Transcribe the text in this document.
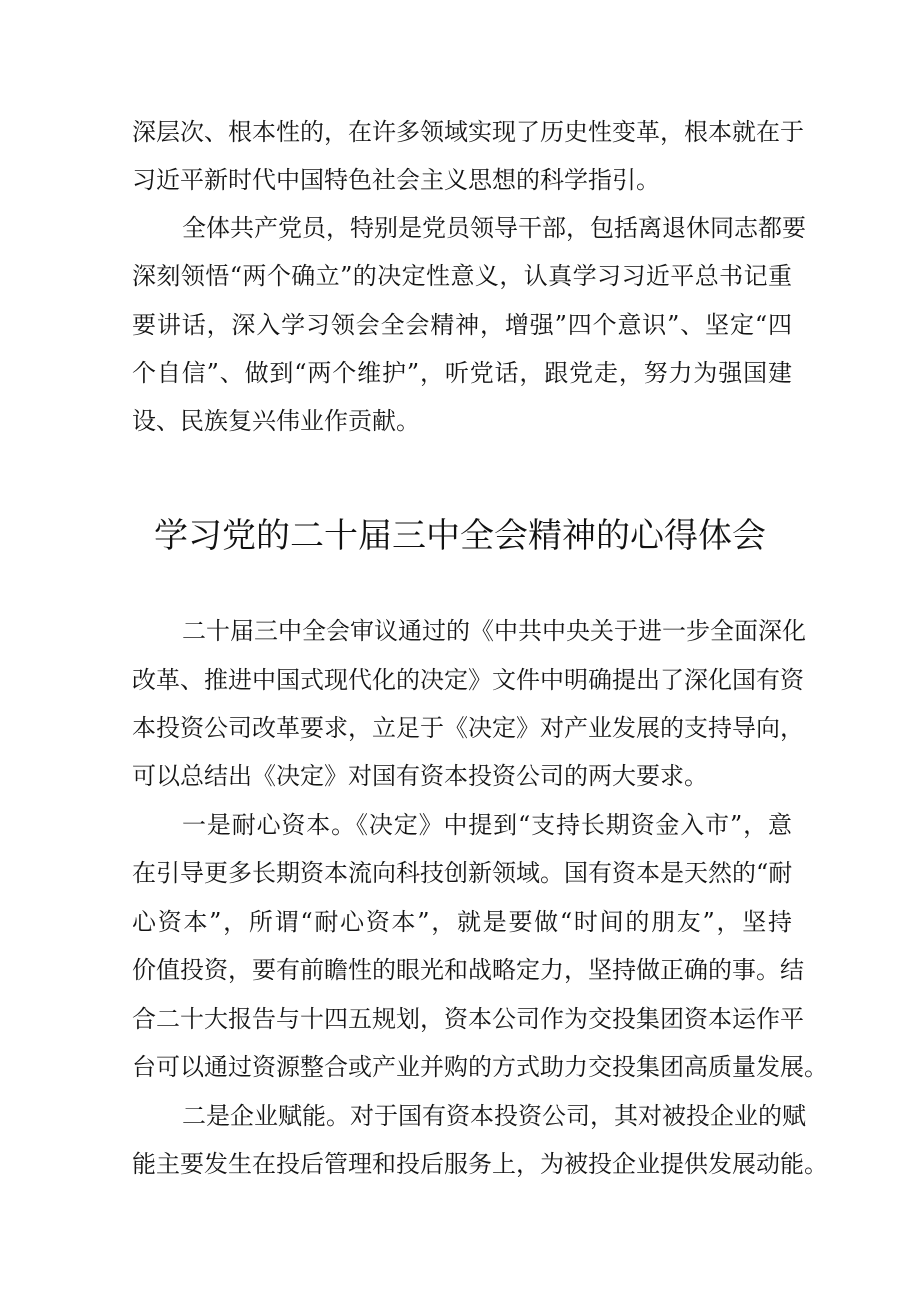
深层次、根本性的，在许多领域实现了历史性变革，根本就在于
习近平新时代中国特色社会主义思想的科学指引。
全体共产党员，特别是党员领导干部，包括离退休同志都要
深刻领悟“两个确立”的决定性意义，认真学习习近平总书记重
要讲话，深入学习领会全会精神，增强”四个意识”、坚定“四
个自信”、做到“两个维护”，听党话，跟党走，努力为强国建
设、民族复兴伟业作贡献。
学习党的二十届三中全会精神的心得体会
二十届三中全会审议通过的《中共中央关于进一步全面深化
改革、推进中国式现代化的决定》文件中明确提出了深化国有资
本投资公司改革要求，立足于《决定》对产业发展的支持导向，
可以总结出《决定》对国有资本投资公司的两大要求。
一是耐心资本。《决定》中提到“支持长期资金入市”，意
在引导更多长期资本流向科技创新领域。国有资本是天然的“耐
心资本”，所谓“耐心资本”，就是要做“时间的朋友”，坚持
价值投资，要有前瞻性的眼光和战略定力，坚持做正确的事。结
合二十大报告与十四五规划，资本公司作为交投集团资本运作平
台可以通过资源整合或产业并购的方式助力交投集团高质量发展。
二是企业赋能。对于国有资本投资公司，其对被投企业的赋
能主要发生在投后管理和投后服务上，为被投企业提供发展动能。
